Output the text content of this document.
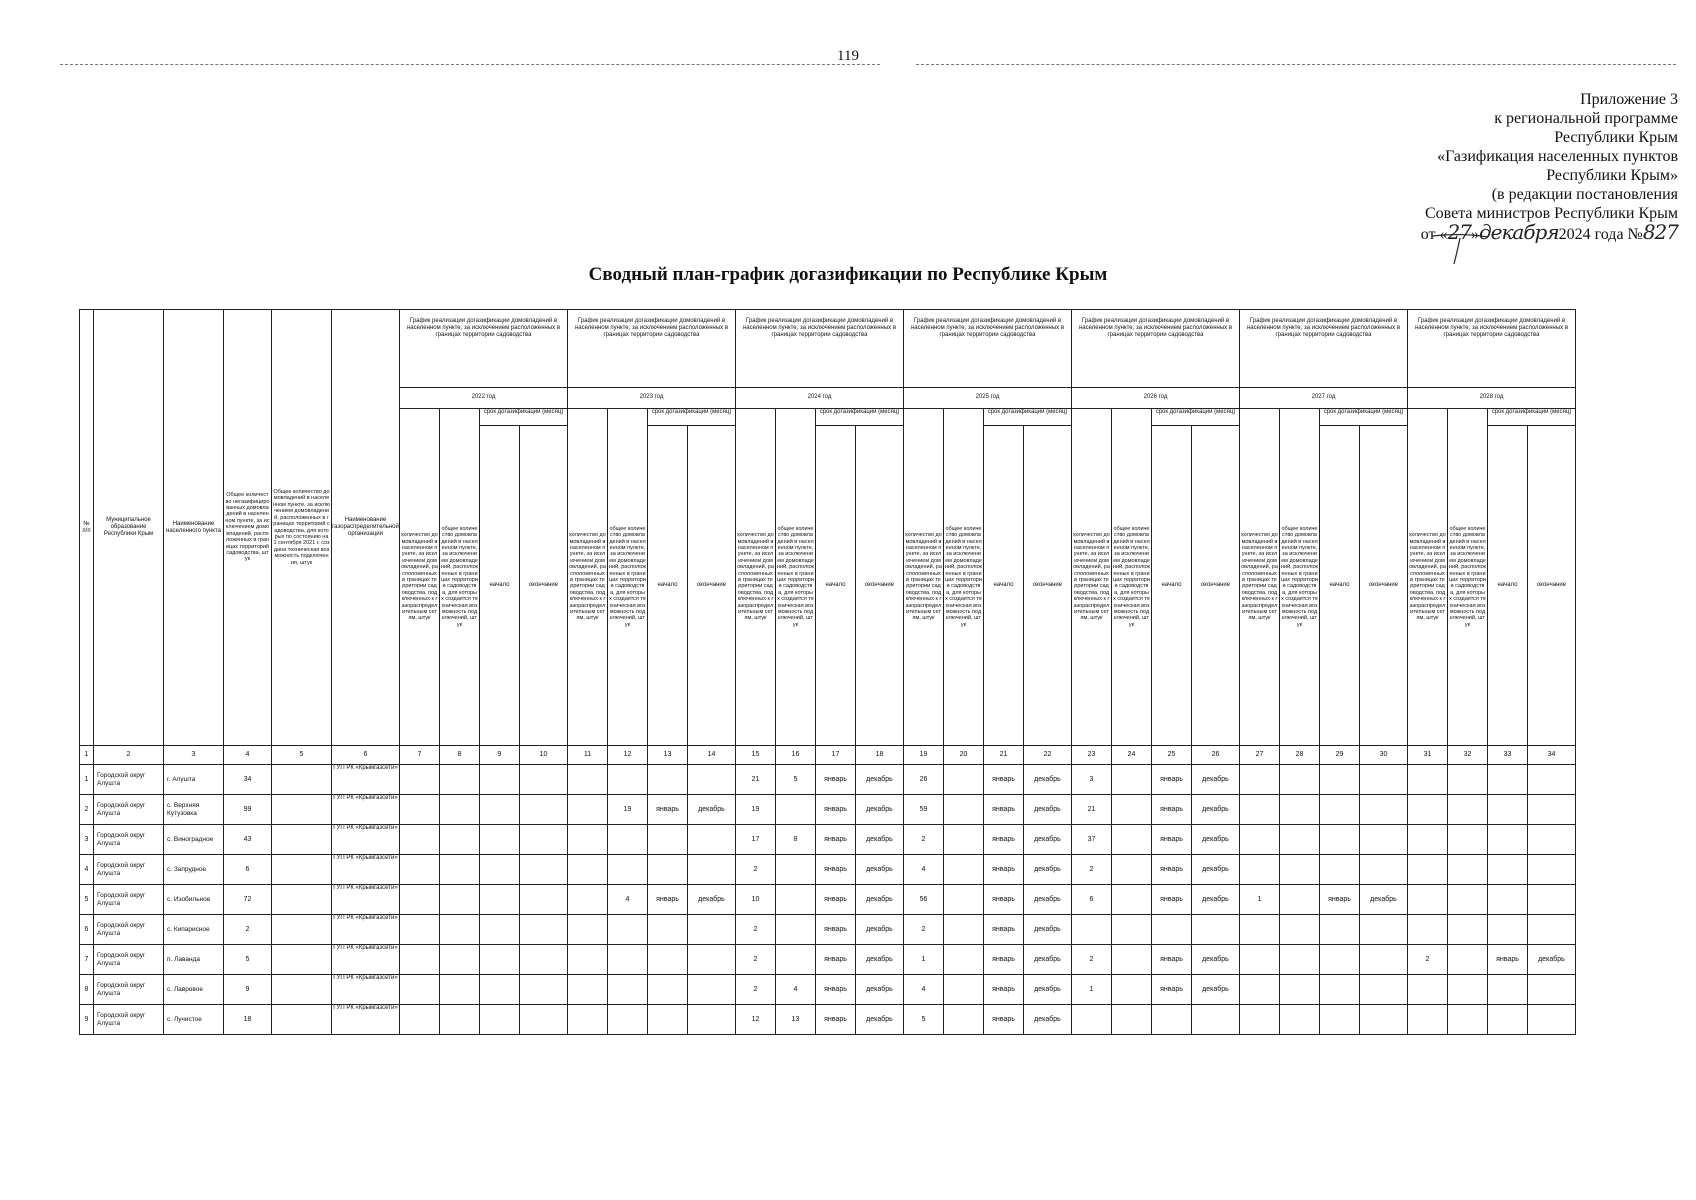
119
Приложение 3
к региональной программе
Республики Крым
«Газификация населенных пунктов
Республики Крым»
(в редакции постановления
Совета министров Республики Крым
от «27»декабря2024 года №827
Сводный план-график догазификации по Республике Крым
№ п/п	Муниципальное образование Республики Крым	Наименование населенного пункта	Общее количество негазифицированных домовладений в населенном пункте, за исключением домовладений, расположенных в границах территорий садоводства, штук	Общее количество домовладений в населенном пункте, за исключением домовладений, расположенных в границах территорий садоводства, для которых по состоянию на 1 сентября 2021 г. создана техническая возможность подключения, штук	Наименование газораспределительной организации	График реализации догазификации домовладений в населенном пункте, за исключением расположенных в границах территории садоводства				График реализации догазификации домовладений в населенном пункте, за исключением расположенных в границах территории садоводства				График реализации догазификации домовладений в населенном пункте, за исключением расположенных в границах территории садоводства				График реализации догазификации домовладений в населенном пункте, за исключением расположенных в границах территории садоводства				График реализации догазификации домовладений в населенном пункте, за исключением расположенных в границах территории садоводства				График реализации догазификации домовладений в населенном пункте, за исключением расположенных в границах территории садоводства				График реализации догазификации домовладений в населенном пункте, за исключением расположенных в границах территории садоводства			
						2022 год				2023 год				2024 год				2025 год				2026 год				2027 год				2028 год			
						количество домовладений в населенном пункте, за исключением домовладений, расположенных в границах территории садоводства, подключенных к газораспределительным сетям, штук	общее количество домовладений в населенном пункте, за исключением домовладений, расположенных в границах территории садоводства, для которых создается техническая возможность подключений, штук	срок догазификации (месяц)		количество домовладений в населенном пункте, за исключением домовладений, расположенных в границах территории садоводства, подключенных к газораспределительным сетям, штук	общее количество домовладений в населенном пункте, за исключением домовладений, расположенных в границах территории садоводства, для которых создается техническая возможность подключений, штук	срок догазификации (месяц)		количество домовладений в населенном пункте, за исключением домовладений, расположенных в границах территории садоводства, подключенных к газораспределительным сетям, штук	общее количество домовладений в населенном пункте, за исключением домовладений, расположенных в границах территории садоводства, для которых создается техническая возможность подключений, штук	срок догазификации (месяц)		количество домовладений в населенном пункте, за исключением домовладений, расположенных в границах территории садоводства, подключенных к газораспределительным сетям, штук	общее количество домовладений в населенном пункте, за исключением домовладений, расположенных в границах территории садоводства, для которых создается техническая возможность подключений, штук	срок догазификации (месяц)		количество домовладений в населенном пункте, за исключением домовладений, расположенных в границах территории садоводства, подключенных к газораспределительным сетям, штук	общее количество домовладений в населенном пункте, за исключением домовладений, расположенных в границах территории садоводства, для которых создается техническая возможность подключений, штук	срок догазификации (месяц)		количество домовладений в населенном пункте, за исключением домовладений, расположенных в границах территории садоводства, подключенных к газораспределительным сетям, штук	общее количество домовладений в населенном пункте, за исключением домовладений, расположенных в границах территории садоводства, для которых создается техническая возможность подключений, штук	срок догазификации (месяц)		количество домовладений в населенном пункте, за исключением домовладений, расположенных в границах территории садоводства, подключенных к газораспределительным сетям, штук	общее количество домовладений в населенном пункте, за исключением домовладений, расположенных в границах территории садоводства, для которых создается техническая возможность подключений, штук	срок догазификации (месяц)	
								начало	окончание			начало	окончание			начало	окончание			начало	окончание			начало	окончание			начало	окончание			начало	окончание
1	2	3	4	5	6	7	8	9	10	11	12	13	14	15	16	17	18	19	20	21	22	23	24	25	26	27	28	29	30	31	32	33	34
1	Городской округ Алушта	г. Алушта	34		ГУП РК «Крымгазсети»									21	5	январь	декабрь	26		январь	декабрь	3		январь	декабрь								
2	Городской округ Алушта	с. Верхняя Кутузовка	99		ГУП РК «Крымгазсети»						19	январь	декабрь	19		январь	декабрь	59		январь	декабрь	21		январь	декабрь								
3	Городской округ Алушта	с. Виноградное	43		ГУП РК «Крымгазсети»									17	8	январь	декабрь	2		январь	декабрь	37		январь	декабрь								
4	Городской округ Алушта	с. Запрудное	6		ГУП РК «Крымгазсети»									2		январь	декабрь	4		январь	декабрь	2		январь	декабрь								
5	Городской округ Алушта	с. Изобильное	72		ГУП РК «Крымгазсети»						4	январь	декабрь	10		январь	декабрь	56		январь	декабрь	6		январь	декабрь	1		январь	декабрь				
6	Городской округ Алушта	с. Кипарисное	2		ГУП РК «Крымгазсети»									2		январь	декабрь	2		январь	декабрь												
7	Городской округ Алушта	п. Лаванда	5		ГУП РК «Крымгазсети»									2		январь	декабрь	1		январь	декабрь	2		январь	декабрь					2		январь	декабрь
8	Городской округ Алушта	с. Лавровое	9		ГУП РК «Крымгазсети»									2	4	январь	декабрь	4		январь	декабрь	1		январь	декабрь								
9	Городской округ Алушта	с. Лучистое	18		ГУП РК «Крымгазсети»									12	13	январь	декабрь	5		январь	декабрь												
